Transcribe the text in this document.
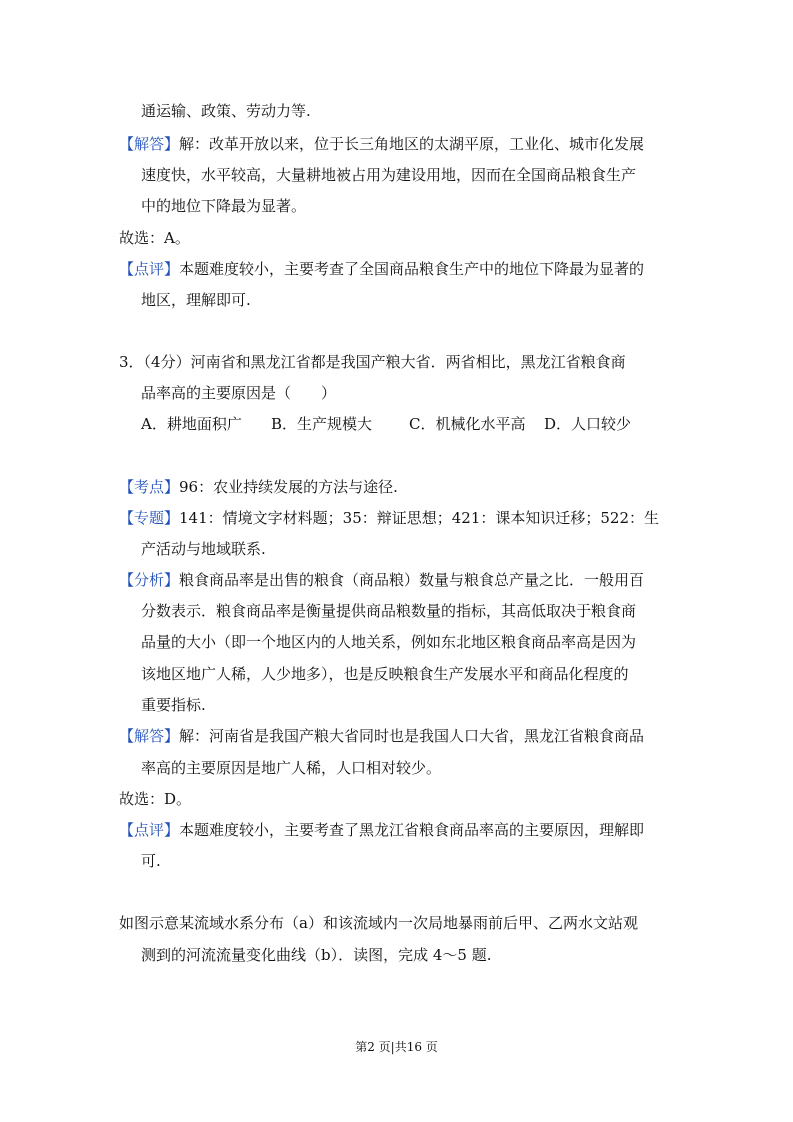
通运输、政策、劳动力等.
【解答】解：改革开放以来，位于长三角地区的太湖平原，工业化、城市化发展
速度快，水平较高，大量耕地被占用为建设用地，因而在全国商品粮食生产
中的地位下降最为显著。
故选：A。
【点评】本题难度较小，主要考查了全国商品粮食生产中的地位下降最为显著的
地区，理解即可.
3．（4分）河南省和黑龙江省都是我国产粮大省．两省相比，黑龙江省粮食商
品率高的主要原因是（　　）
A．耕地面积广 B．生产规模大 C．机械化水平高 D．人口较少
【考点】96：农业持续发展的方法与途径.
【专题】141：情境文字材料题；35：辩证思想；421：课本知识迁移；522：生
产活动与地域联系.
【分析】粮食商品率是出售的粮食（商品粮）数量与粮食总产量之比．一般用百
分数表示．粮食商品率是衡量提供商品粮数量的指标，其高低取决于粮食商
品量的大小（即一个地区内的人地关系，例如东北地区粮食商品率高是因为
该地区地广人稀，人少地多），也是反映粮食生产发展水平和商品化程度的
重要指标.
【解答】解：河南省是我国产粮大省同时也是我国人口大省，黑龙江省粮食商品
率高的主要原因是地广人稀，人口相对较少。
故选：D。
【点评】本题难度较小，主要考查了黑龙江省粮食商品率高的主要原因，理解即
可.
如图示意某流域水系分布（a）和该流域内一次局地暴雨前后甲、乙两水文站观
测到的河流流量变化曲线（b）．读图，完成 4～5 题.
第2 页|共16 页
